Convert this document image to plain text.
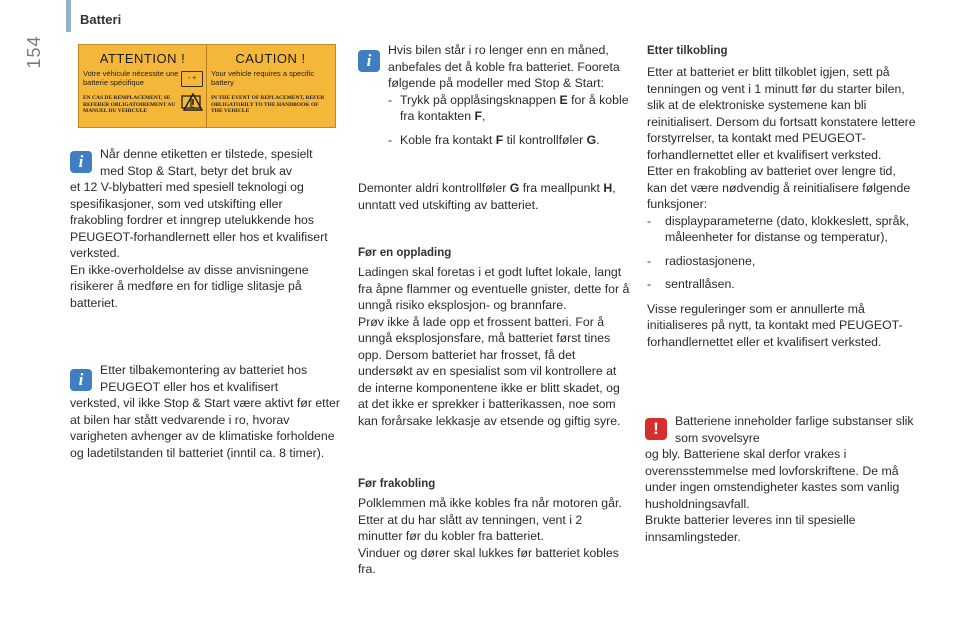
154
Batteri
ATTENTION !
Votre véhicule nécessite une batterie spécifique
EN CAS DE REMPLACEMENT, SE REFERER OBLIGATOIREMENT AU MANUEL DU VEHICULE
- +
CAUTION !
Your vehicle requires a specific battery
IN THE EVENT OF REPLACEMENT, REFER OBLIGATORILY TO THE HANDBOOK OF THE VEHICLE
i	Når denne etiketten er tilstede, spesielt med Stop & Start, betyr det bruk av

et 12 V-blybatteri med spesiell teknologi og spesifikasjoner, som ved utskifting eller frakobling fordrer et inngrep utelukkende hos PEUGEOT-forhandlernett eller hos et kvalifisert verksted.

En ikke-overholdelse av disse anvisningene risikerer å medføre en for tidlige slitasje på batteriet.

i	Etter tilbakemontering av batteriet hos PEUGEOT eller hos et kvalifisert

verksted, vil ikke Stop & Start være aktivt før etter at bilen har stått vedvarende i ro, hvorav varigheten avhenger av de klimatiske forholdene og ladetilstanden til batteriet (inntil ca. 8 timer).

i

Hvis bilen står i ro lenger enn en måned, anbefales det å koble fra batteriet. Fooreta følgende på modeller med Stop & Start:

- Trykk på opplåsingsknappen E for å koble fra kontakten F,
- Koble fra kontakt F til kontrollføler G.
Demonter aldri kontrollføler G fra meallpunkt H, unntatt ved utskifting av batteriet.
Før en opplading

Ladingen skal foretas i et godt luftet lokale, langt fra åpne flammer og eventuelle gnister, dette for å unngå risiko eksplosjon- og brannfare.

Prøv ikke å lade opp et frossent batteri. For å unngå eksplosjonsfare, må batteriet først tines opp. Dersom batteriet har frosset, få det undersøkt av en spesialist som vil kontrollere at de interne komponentene ikke er blitt skadet, og at det ikke er sprekker i batterikassen, noe som kan forårsake lekkasje av etsende og giftig syre.

Før frakobling

Polklemmen må ikke kobles fra når motoren går.

Etter at du har slått av tenningen, vent i 2 minutter før du kobler fra batteriet.

Vinduer og dører skal lukkes før batteriet kobles fra.

Etter tilkobling

Etter at batteriet er blitt tilkoblet igjen, sett på tenningen og vent i 1 minutt før du starter bilen, slik at de elektroniske systemene kan bli reinitialisert. Dersom du fortsatt konstatere lettere forstyrrelser, ta kontakt med PEUGEOT-forhandlernettet eller et kvalifisert verksted.

Etter en frakobling av batteriet over lengre tid, kan det være nødvendig å reinitialisere følgende funksjoner:

- displayparameterne (dato, klokkeslett, språk, måleenheter for distanse og temperatur),
- radiostasjonene,
- sentrallåsen.

Visse reguleringer som er annullerte må initialiseres på nytt, ta kontakt med PEUGEOT-forhandlernettet eller et kvalifisert verksted.

!	Batteriene inneholder farlige substanser slik som svovelsyre

og bly. Batteriene skal derfor vrakes i overensstemmelse med lovforskriftene. De må under ingen omstendigheter kastes som vanlig husholdningsavfall.

Brukte batterier leveres inn til spesielle innsamlingsteder.
